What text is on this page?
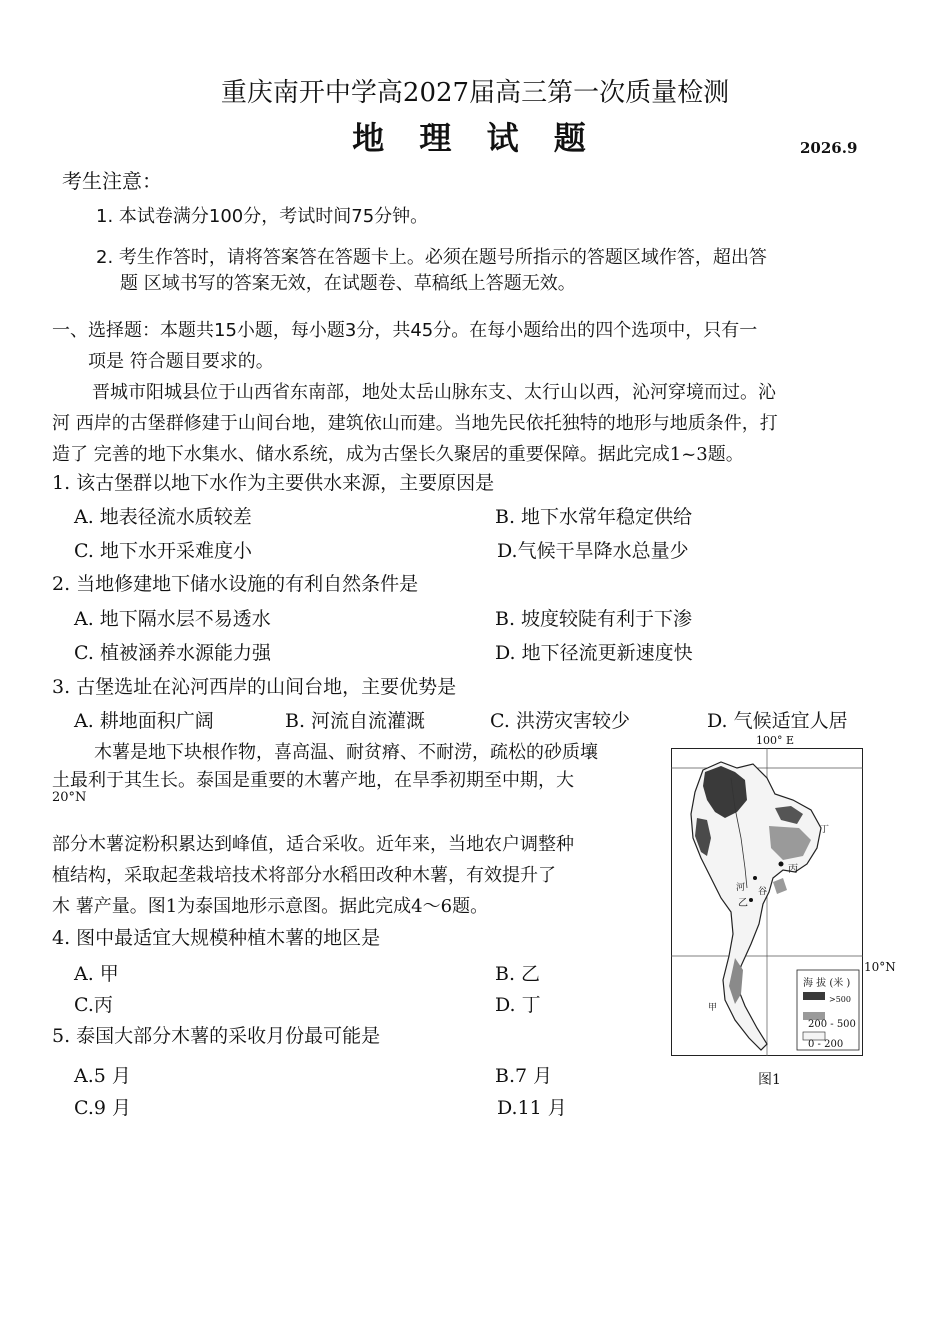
重庆南开中学高2027届高三第一次质量检测
地 理 试 题	2026.9
考生注意：
1. 本试卷满分100分，考试时间75分钟。
2. 考生作答时，请将答案答在答题卡上。必须在题号所指示的答题区域作答，超出答
题 区域书写的答案无效，在试题卷、草稿纸上答题无效。
一、选择题：本题共15小题，每小题3分，共45分。在每小题给出的四个选项中，只有一
项是 符合题目要求的。
晋城市阳城县位于山西省东南部，地处太岳山脉东支、太行山以西，沁河穿境而过。沁
河 西岸的古堡群修建于山间台地，建筑依山而建。当地先民依托独特的地形与地质条件，打
造了 完善的地下水集水、储水系统，成为古堡长久聚居的重要保障。据此完成1~3题。
1. 该古堡群以地下水作为主要供水来源，主要原因是
A. 地表径流水质较差	B. 地下水常年稳定供给
C. 地下水开采难度小	D.气候干旱降水总量少
2. 当地修建地下储水设施的有利自然条件是
A. 地下隔水层不易透水	B. 坡度较陡有利于下渗
C. 植被涵养水源能力强	D. 地下径流更新速度快
3. 古堡选址在沁河西岸的山间台地，主要优势是
A. 耕地面积广阔	B. 河流自流灌溉	C. 洪涝灾害较少	D. 气候适宜人居
木薯是地下块根作物，喜高温、耐贫瘠、不耐涝，疏松的砂质壤
土最利于其生长。泰国是重要的木薯产地，在旱季初期至中期，大
部分木薯淀粉积累达到峰值，适合采收。近年来，当地农户调整种
植结构，采取起垄栽培技术将部分水稻田改种木薯，有效提升了
木 薯产量。图1为泰国地形示意图。据此完成4～6题。
4. 图中最适宜大规模种植木薯的地区是
A. 甲	B. 乙
C.丙	D. 丁
5. 泰国大部分木薯的采收月份最可能是
A.5 月	B.7 月
C.9 月	D.11 月
100° E
20°N
10°N
海 拔 (米 )
>500
200 - 500
0 - 200
丙
乙
河 谷
甲
丁
图1
